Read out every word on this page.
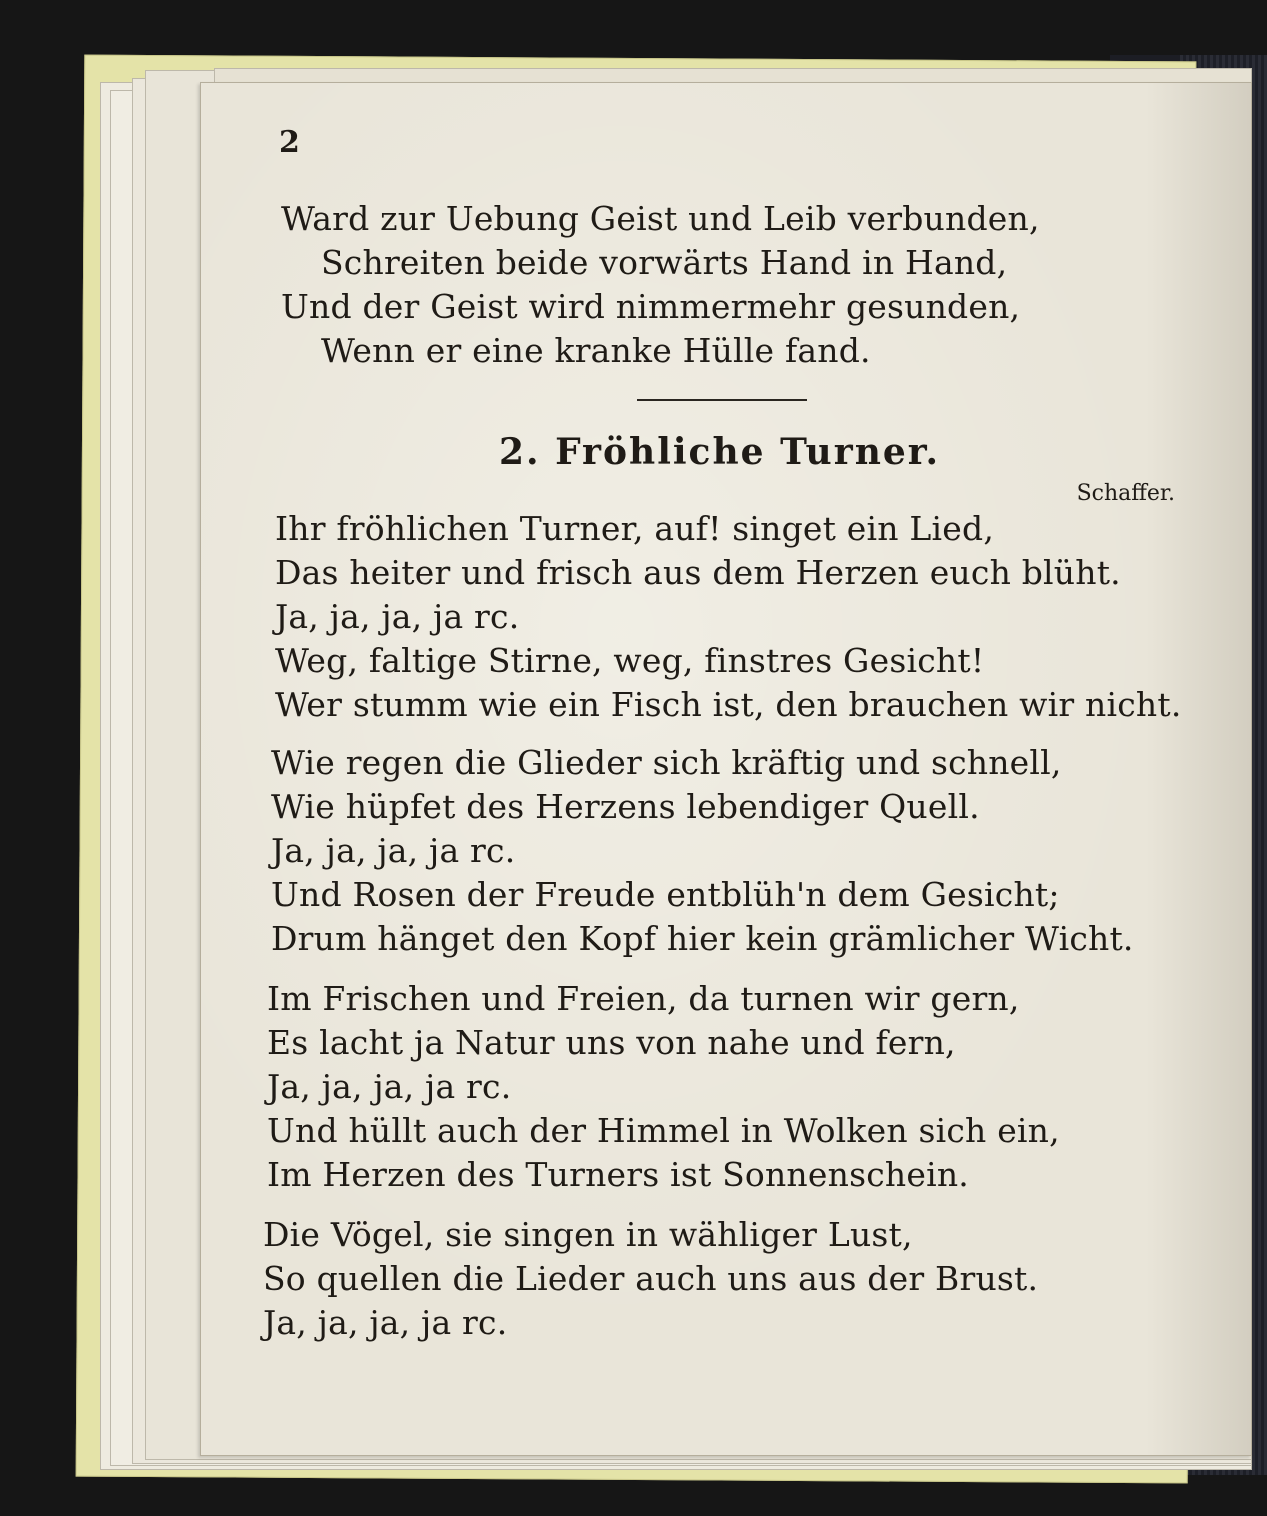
2
Ward zur Uebung Geist und Leib verbunden,
Schreiten beide vorwärts Hand in Hand,
Und der Geist wird nimmermehr gesunden,
Wenn er eine kranke Hülle fand.
2. Fröhliche Turner.
Schaffer.
Ihr fröhlichen Turner, auf! singet ein Lied,
Das heiter und frisch aus dem Herzen euch blüht.
Ja, ja, ja, ja rc.
Weg, faltige Stirne, weg, finstres Gesicht!
Wer stumm wie ein Fisch ist, den brauchen wir nicht.
Wie regen die Glieder sich kräftig und schnell,
Wie hüpfet des Herzens lebendiger Quell.
Ja, ja, ja, ja rc.
Und Rosen der Freude entblüh'n dem Gesicht;
Drum hänget den Kopf hier kein grämlicher Wicht.
Im Frischen und Freien, da turnen wir gern,
Es lacht ja Natur uns von nahe und fern,
Ja, ja, ja, ja rc.
Und hüllt auch der Himmel in Wolken sich ein,
Im Herzen des Turners ist Sonnenschein.
Die Vögel, sie singen in wähliger Lust,
So quellen die Lieder auch uns aus der Brust.
Ja, ja, ja, ja rc.
